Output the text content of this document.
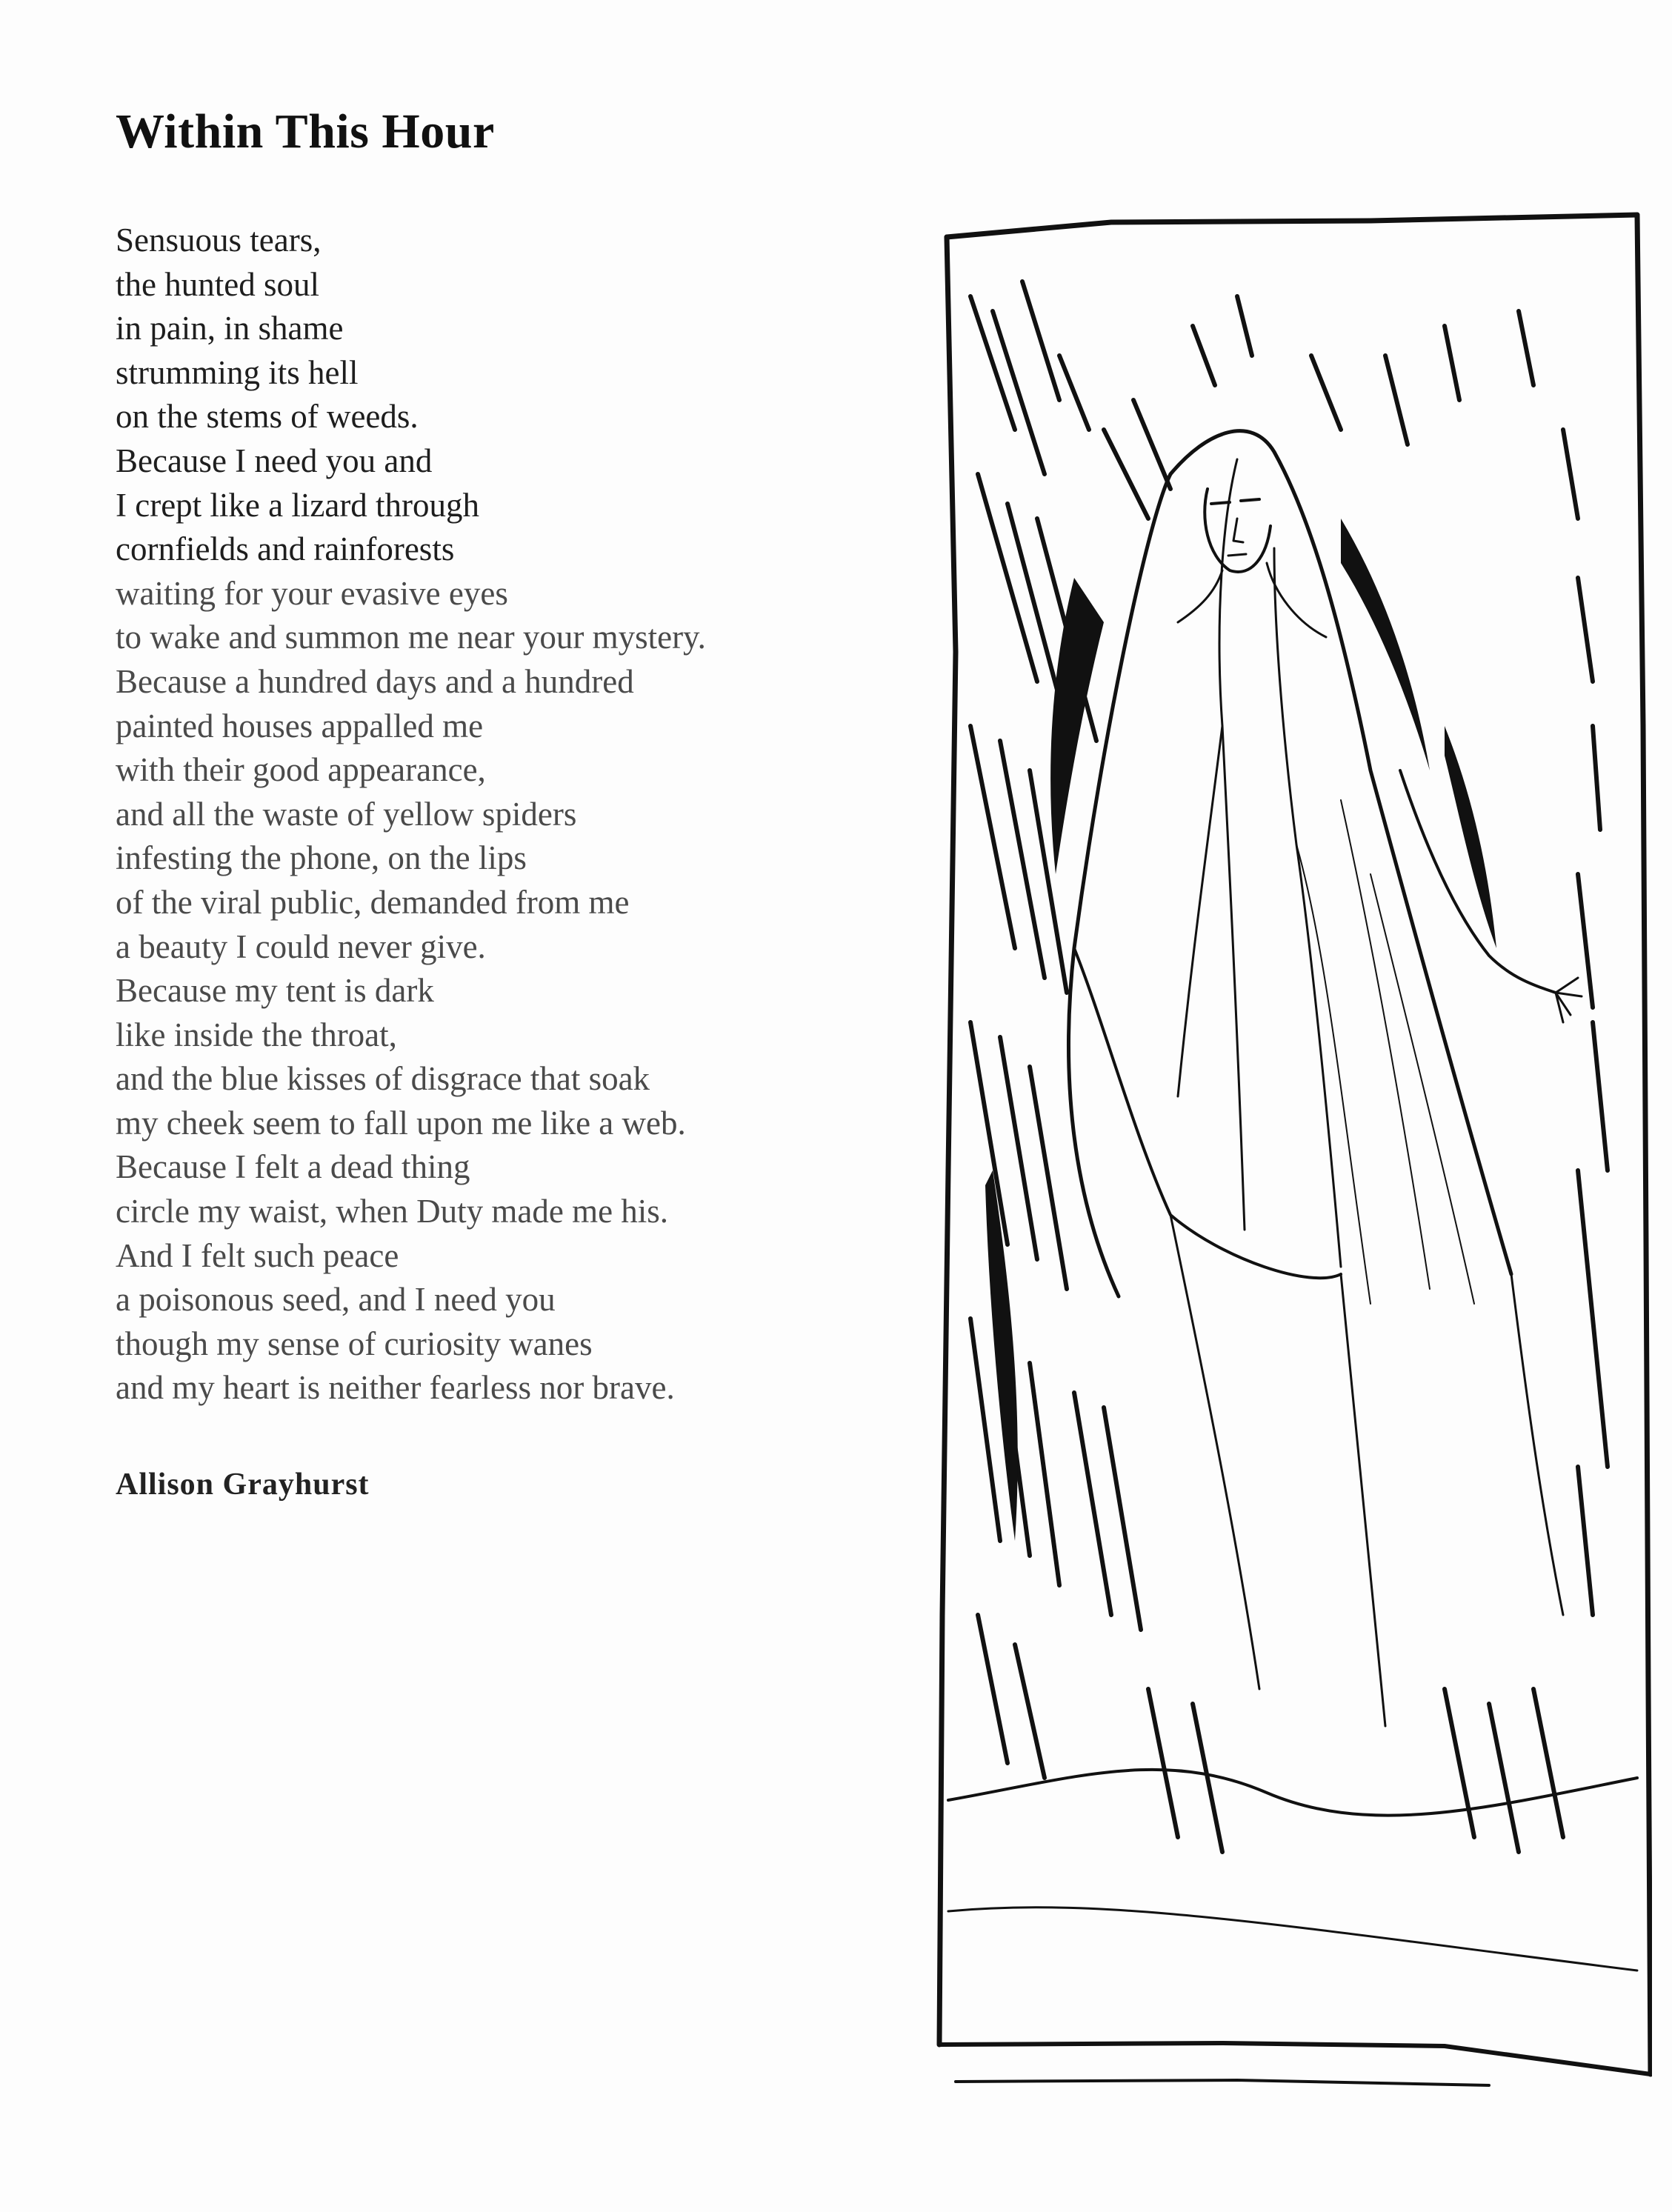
Within This Hour
Sensuous tears,
the hunted soul
in pain, in shame
strumming its hell
on the stems of weeds.
Because I need you and
I crept like a lizard through
cornfields and rainforests
waiting for your evasive eyes
to wake and summon me near your mystery.
Because a hundred days and a hundred
painted houses appalled me
with their good appearance,
and all the waste of yellow spiders
infesting the phone, on the lips
of the viral public, demanded from me
a beauty I could never give.
Because my tent is dark
like inside the throat,
and the blue kisses of disgrace that soak
my cheek seem to fall upon me like a web.
Because I felt a dead thing
circle my waist, when Duty made me his.
And I felt such peace
a poisonous seed, and I need you
though my sense of curiosity wanes
and my heart is neither fearless nor brave.
Allison Grayhurst
